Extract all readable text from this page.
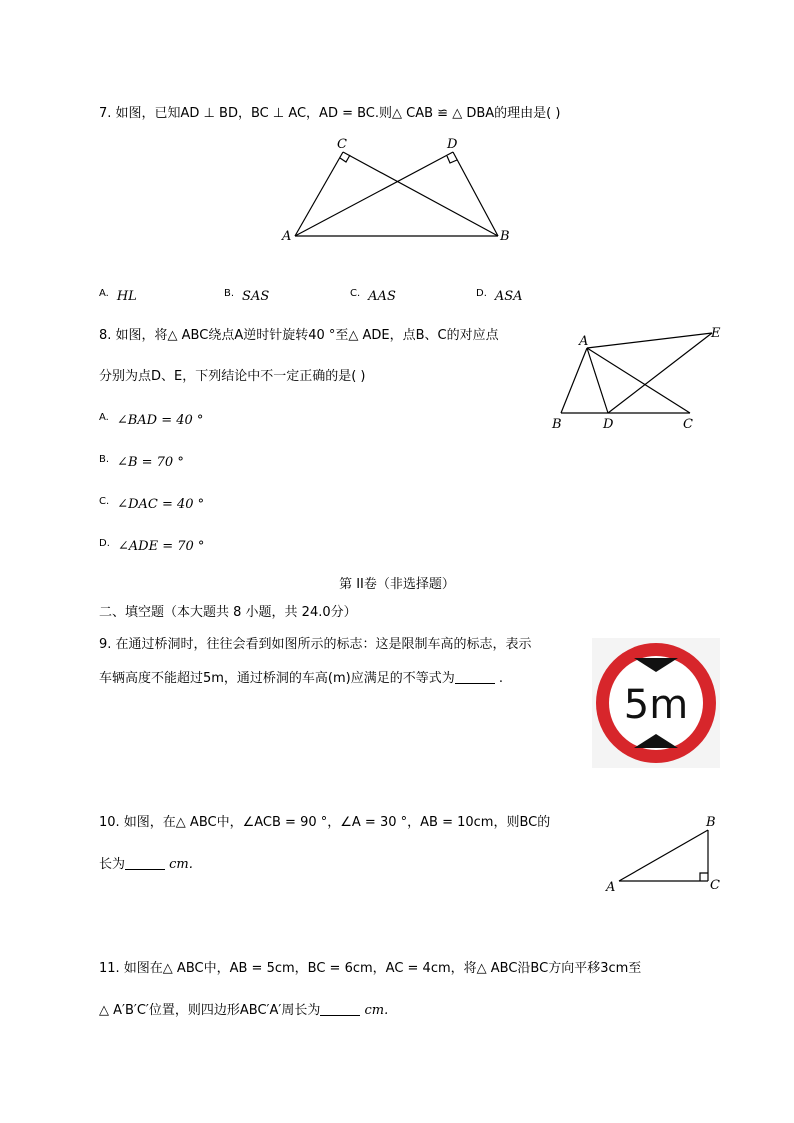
7. 如图，已知AD ⊥ BD，BC ⊥ AC，AD = BC.则△ CAB ≌ △ DBA的理由是( )
A	B
C	D
$^{A.}$ HL	$^{B.}$ SAS	$^{C.}$ AAS	$^{D.}$ ASA
8. 如图，将△ ABC绕点A逆时针旋转40 °至△ ADE，点B、C的对应点
分别为点D、E，下列结论中不一定正确的是( )
A
B	D	C
E
$^{A.}$ ∠BAD = 40 °
$^{B.}$ ∠B = 70 °
$^{C.}$ ∠DAC = 40 °
$^{D.}$ ∠ADE = 70 °
第 II卷（非选择题）
二、填空题（本大题共 8 小题，共 24.0分）
9. 在通过桥洞时，往往会看到如图所示的标志：这是限制车高的标志，表示
车辆高度不能超过5m，通过桥洞的车高(m)应满足的不等式为	.
5m
10. 如图，在△ ABC中，∠ACB = 90 °，∠A = 30 °，AB = 10cm，则BC的
长为	cm.
A
B
C
11. 如图在△ ABC中，AB = 5cm，BC = 6cm，AC = 4cm，将△ ABC沿BC方向平移3cm至
△ A′B′C′位置，则四边形ABC′A′周长为	cm.
